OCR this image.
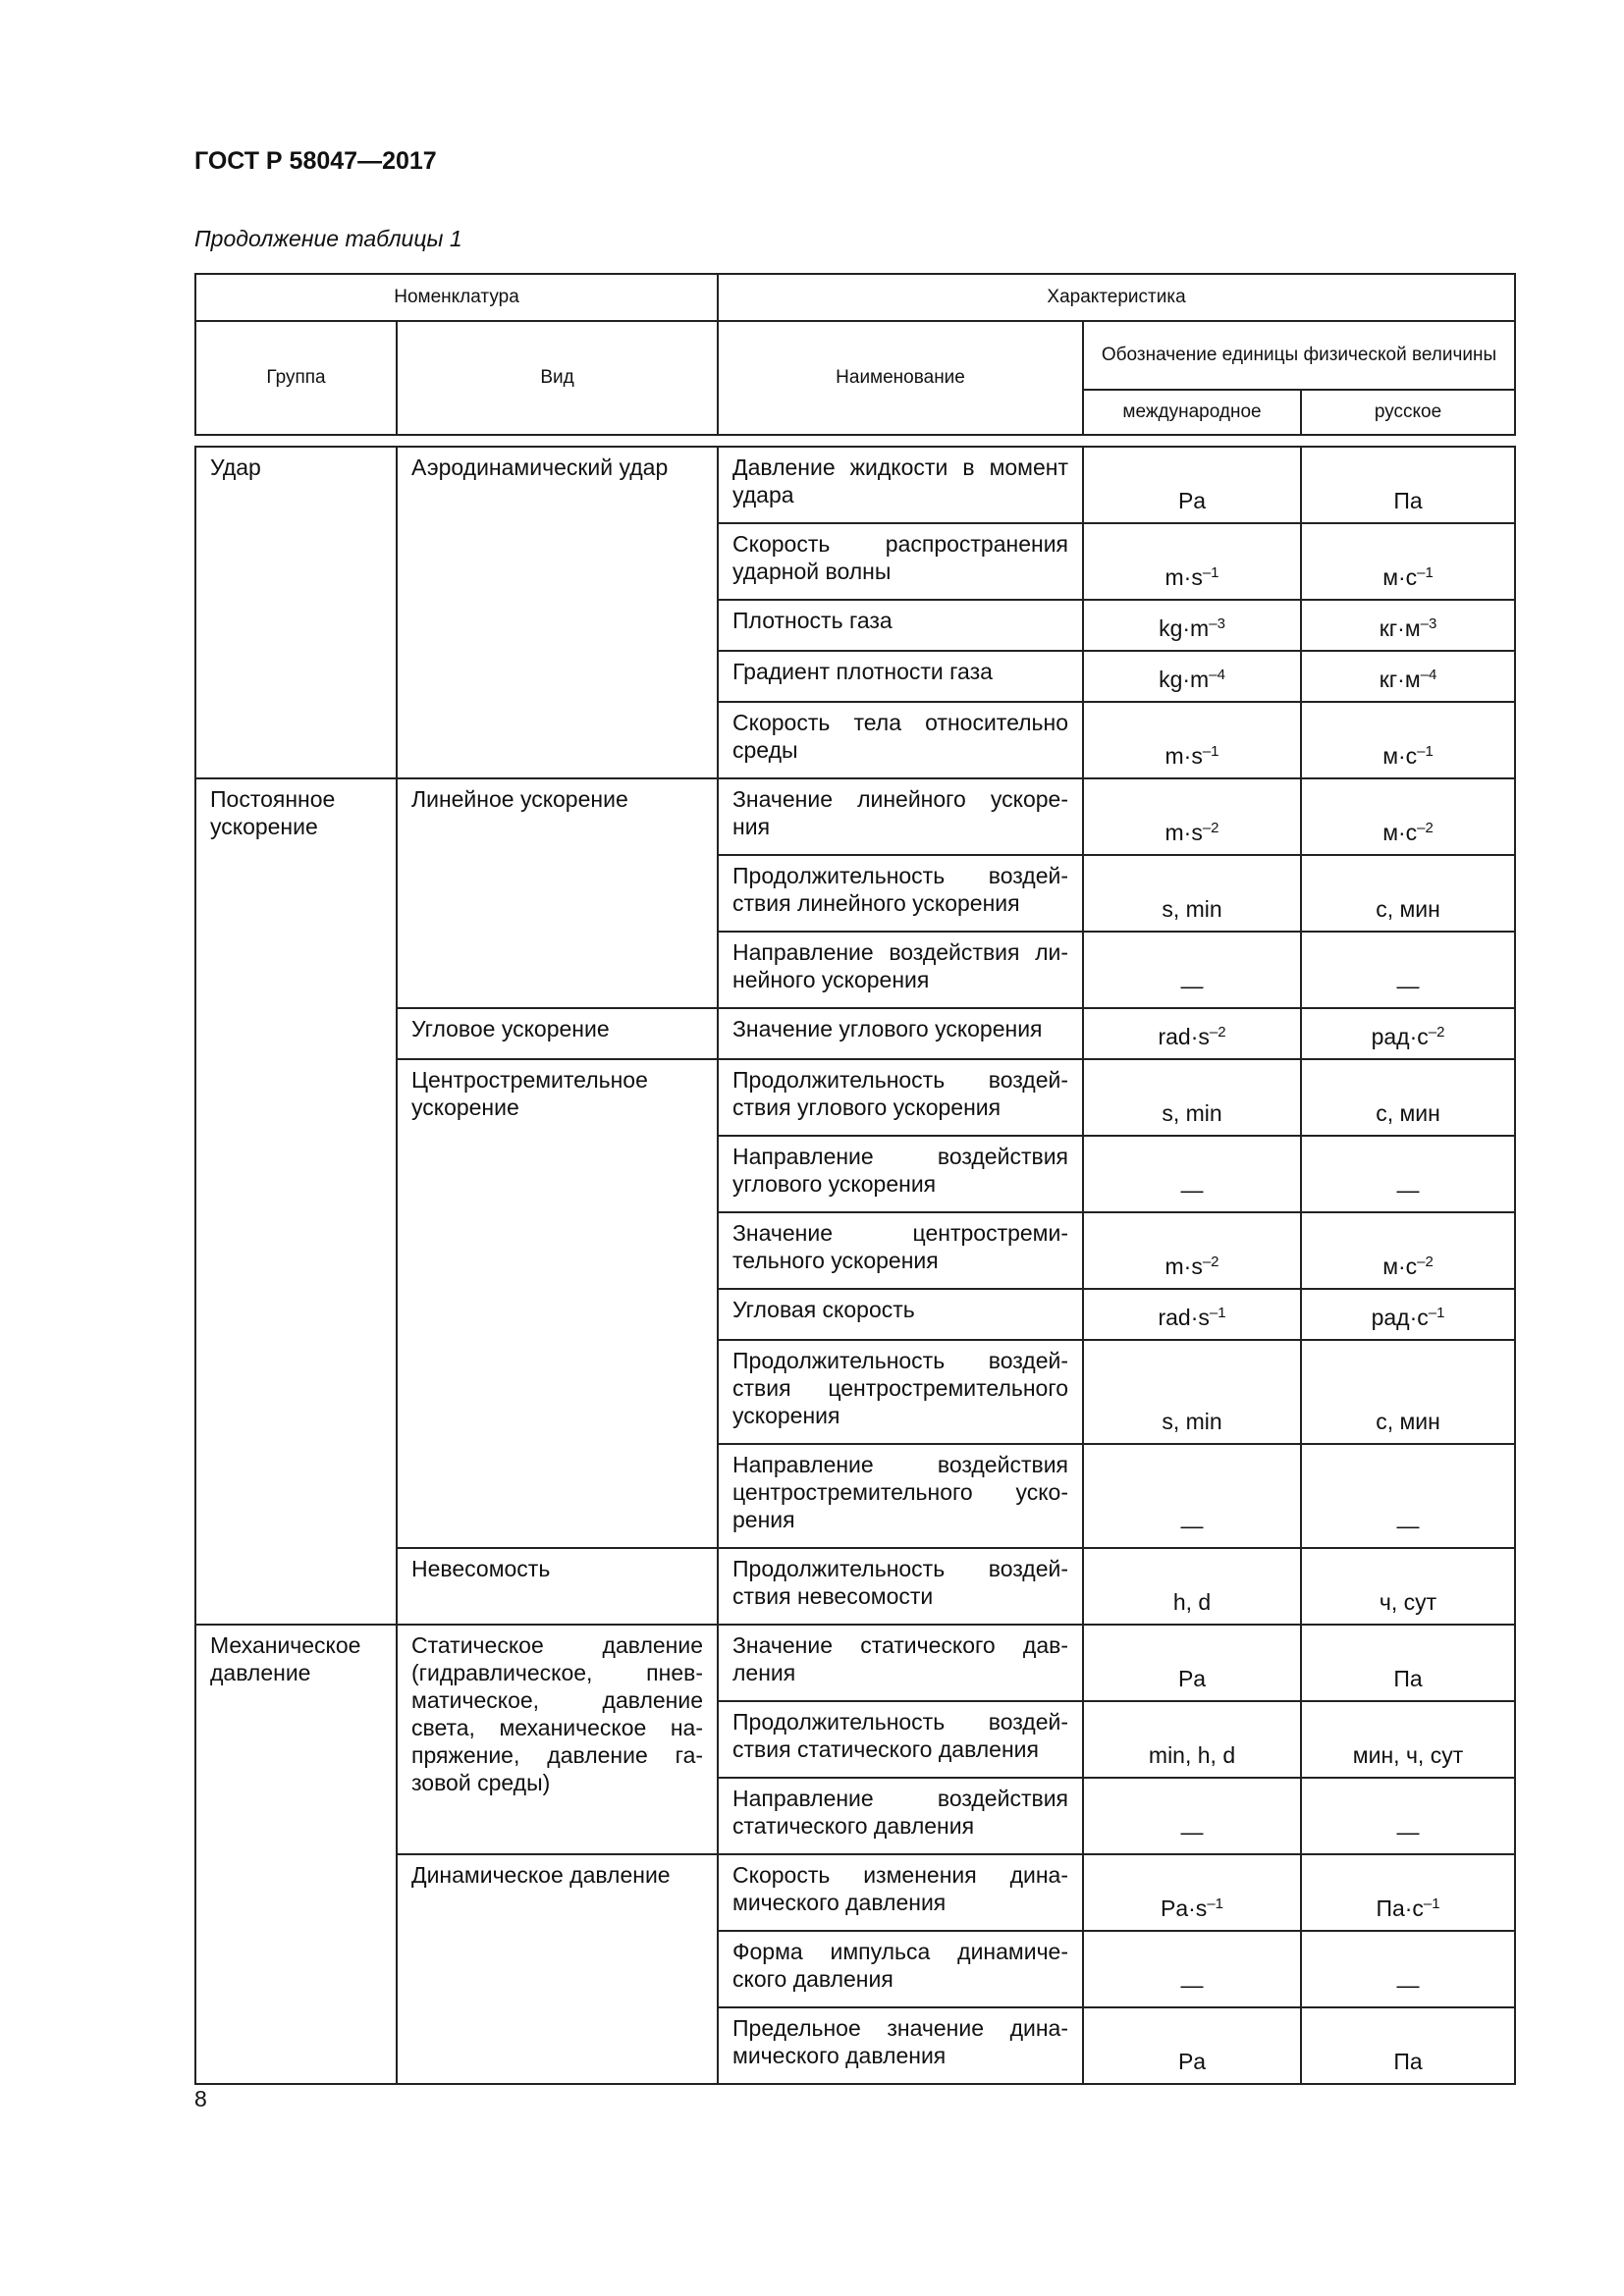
ГОСТ Р 58047—2017
Продолжение таблицы 1
Номенклатура		Характеристика		
Группа	Вид	Наименование	Обозначение единицы физической величины	
			международное	русское

Удар	Аэродинамический удар	Давление жидкости в момент удара	Pa	Па
		Скорость распространения ударной волны	$m\cdot s^{-1}$	$м\cdot с^{-1}$
		Плотность газа	$kg\cdot m^{-3}$	$кг\cdot м^{-3}$
		Градиент плотности газа	$kg\cdot m^{-4}$	$кг\cdot м^{-4}$
		Скорость тела относительно среды	$m\cdot s^{-1}$	$м\cdot с^{-1}$
Постоянное ускорение	Линейное ускорение	Значение линейного ускоре-ния	$m\cdot s^{-2}$	$м\cdot с^{-2}$
		Продолжительность воздей-ствия линейного ускорения	s, min	с, мин
		Направление воздействия ли-нейного ускорения	—	—
	Угловое ускорение	Значение углового ускорения	$rad\cdot s^{-2}$	$рад\cdot с^{-2}$
	Центростремительное ускорение	Продолжительность воздей-ствия углового ускорения	s, min	с, мин
		Направление воздействия углового ускорения	—	—
		Значение центростреми-тельного ускорения	$m\cdot s^{-2}$	$м\cdot с^{-2}$
		Угловая скорость	$rad\cdot s^{-1}$	$рад\cdot с^{-1}$
		Продолжительность воздей-ствия центростремительного ускорения	s, min	с, мин
		Направление воздействия центростремительного уско-рения	—	—
	Невесомость	Продолжительность воздей-ствия невесомости	h, d	ч, сут
Механическое давление	Статическое давление (гидравлическое, пнев-матическое, давление света, механическое на-пряжение, давление га-зовой среды)	Значение статического дав-ления	Pa	Па
		Продолжительность воздей-ствия статического давления	min, h, d	мин, ч, сут
		Направление воздействия статического давления	—	—
	Динамическое давление	Скорость изменения дина-мического давления	$Pa\cdot s^{-1}$	$Па\cdot с^{-1}$
		Форма импульса динамиче-ского давления	—	—
		Предельное значение дина-мического давления	Pa	Па
8
